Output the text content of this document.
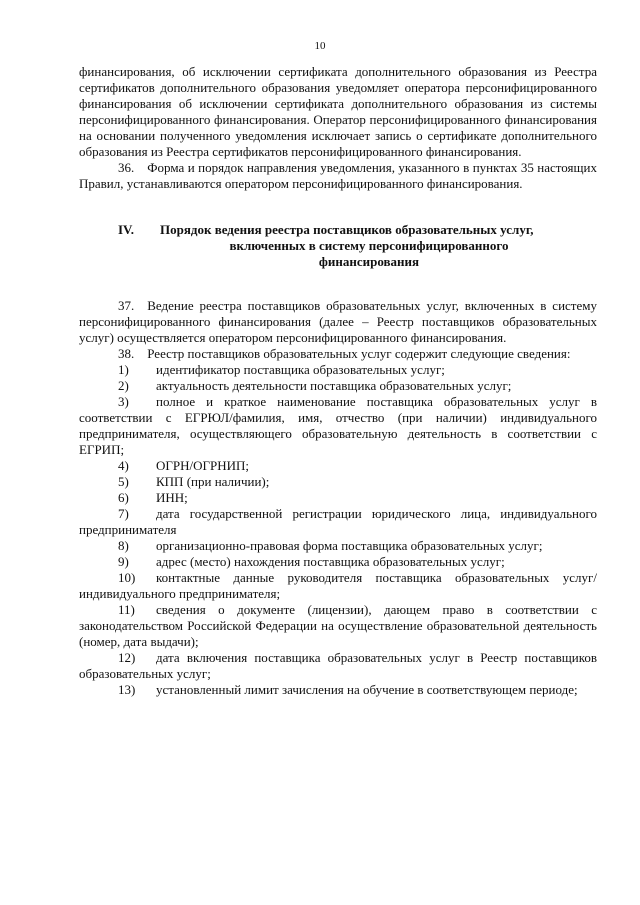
10

финансирования, об исключении сертификата дополнительного образования из Реестра сертификатов дополнительного образования уведомляет оператора персонифицированного финансирования об исключении сертификата дополнительного образования из системы персонифицированного финансирования. Оператор персонифицированного финансирования на основании полученного уведомления исключает запись о сертификате дополнительного образования из Реестра сертификатов персонифицированного финансирования.

36. Форма и порядок направления уведомления, указанного в пунктах 35 настоящих Правил, устанавливаются оператором персонифицированного финансирования.

IV.	Порядок ведения реестра поставщиков образовательных услуг,
включенных в систему персонифицированного
финансирования

37. Ведение реестра поставщиков образовательных услуг, включенных в систему персонифицированного финансирования (далее – Реестр поставщиков образовательных услуг) осуществляется оператором персонифицированного финансирования.

38. Реестр поставщиков образовательных услуг содержит следующие сведения:

1) идентификатор поставщика образовательных услуг;

2) актуальность деятельности поставщика образовательных услуг;

3) полное и краткое наименование поставщика образовательных услуг в соответствии с ЕГРЮЛ/фамилия, имя, отчество (при наличии) индивидуального предпринимателя, осуществляющего образовательную деятельность в соответствии с ЕГРИП;

4) ОГРН/ОГРНИП;

5) КПП (при наличии);

6) ИНН;

7) дата государственной регистрации юридического лица, индивидуального предпринимателя

8) организационно-правовая форма поставщика образовательных услуг;

9) адрес (место) нахождения поставщика образовательных услуг;

10) контактные данные руководителя поставщика образовательных услуг/ индивидуального предпринимателя;

11) сведения о документе (лицензии), дающем право в соответствии с законодательством Российской Федерации на осуществление образовательной деятельность (номер, дата выдачи);

12) дата включения поставщика образовательных услуг в Реестр поставщиков образовательных услуг;

13) установленный лимит зачисления на обучение в соответствующем периоде;
